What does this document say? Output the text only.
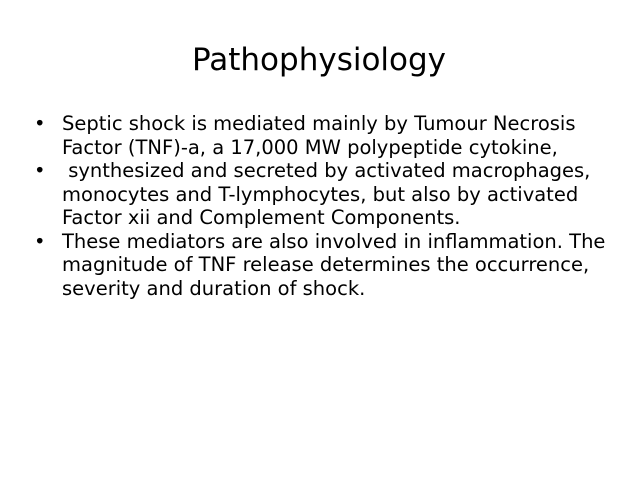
Pathophysiology
• Septic shock is mediated mainly by Tumour Necrosis Factor (TNF)-a, a 17,000 MW polypeptide cytokine,
• synthesized and secreted by activated macrophages, monocytes and T-lymphocytes, but also by activated Factor xii and Complement Components.
• These mediators are also involved in inflammation. The magnitude of TNF release determines the occurrence, severity and duration of shock.
